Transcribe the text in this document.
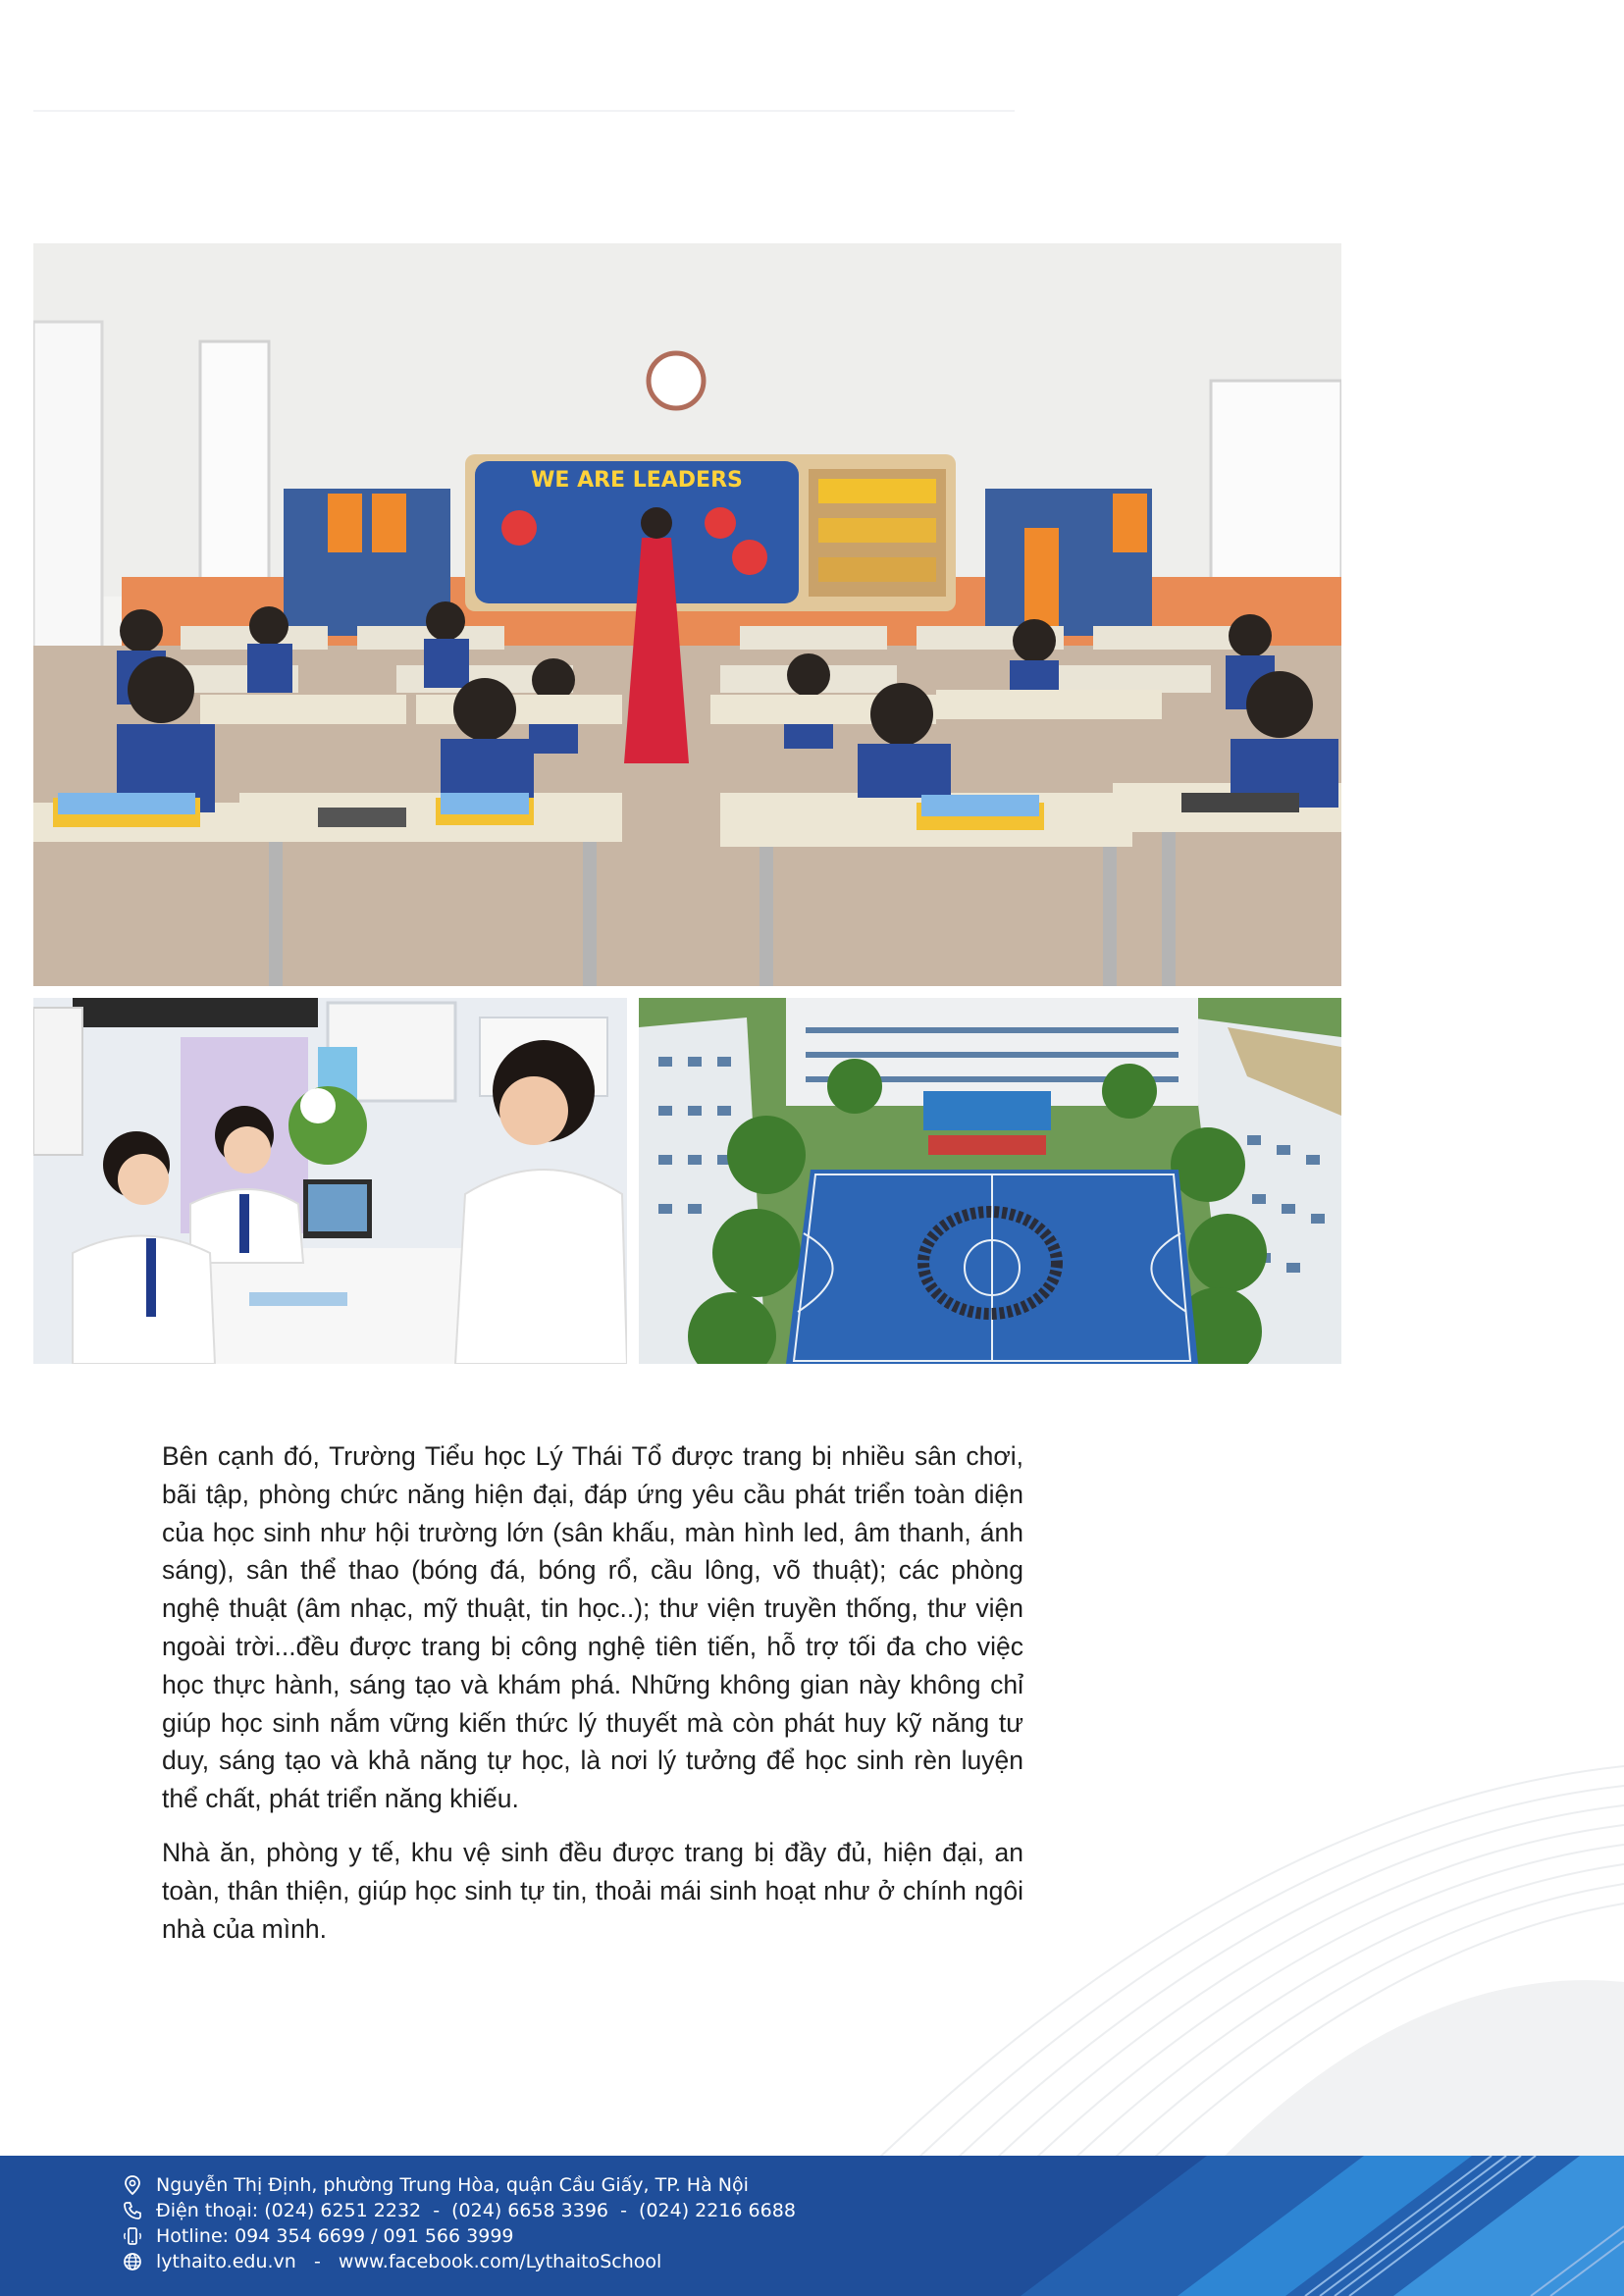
WE ARE LEADERS

Bên cạnh đó, Trường Tiểu học Lý Thái Tổ được trang bị nhiều sân chơi, bãi tập, phòng chức năng hiện đại, đáp ứng yêu cầu phát triển toàn diện của học sinh như hội trường lớn (sân khấu, màn hình led, âm thanh, ánh sáng), sân thể thao (bóng đá, bóng rổ, cầu lông, võ thuật); các phòng nghệ thuật (âm nhạc, mỹ thuật, tin học..); thư viện truyền thống, thư viện ngoài trời...đều được trang bị công nghệ tiên tiến, hỗ trợ tối đa cho việc học thực hành, sáng tạo và khám phá. Những không gian này không chỉ giúp học sinh nắm vững kiến thức lý thuyết mà còn phát huy kỹ năng tư duy, sáng tạo và khả năng tự học, là nơi lý tưởng để học sinh rèn luyện thể chất, phát triển năng khiếu.

Nhà ăn, phòng y tế, khu vệ sinh đều được trang bị đầy đủ, hiện đại, an toàn, thân thiện, giúp học sinh tự tin, thoải mái sinh hoạt như ở chính ngôi nhà của mình.

Nguyễn Thị Định, phường Trung Hòa, quận Cầu Giấy, TP. Hà Nội
Điện thoại: (024) 6251 2232  -  (024) 6658 3396  -  (024) 2216 6688
Hotline: 094 354 6699 / 091 566 3999
lythaito.edu.vn   -   www.facebook.com/LythaitoSchool
